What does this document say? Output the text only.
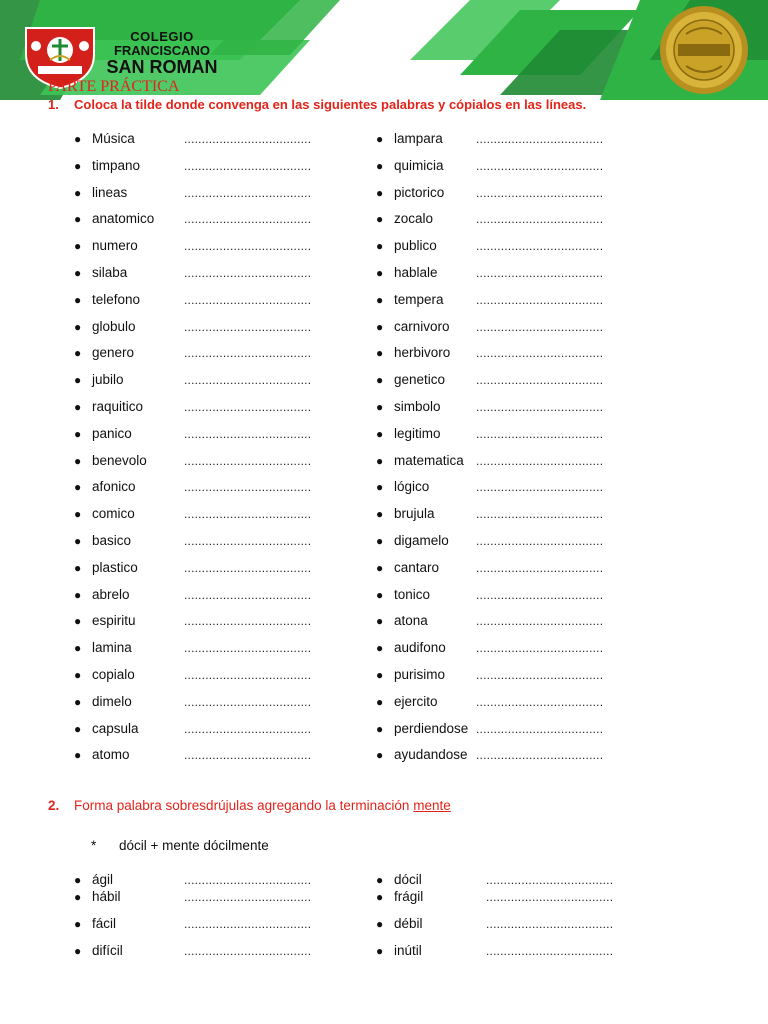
COLEGIO
FRANCISCANO
SAN ROMAN
PARTE PRÁCTICA
1. Coloca la tilde donde convenga en las siguientes palabras y cópialos en las líneas.
● Música	....................................
● timpano	....................................
● lineas	....................................
● anatomico ....................................
● numero	....................................
● silaba	....................................
● telefono	....................................
● globulo	....................................
● genero	....................................
● jubilo	....................................
● raquitico	....................................
● panico	....................................
● benevolo	....................................
● afonico	....................................
● comico	....................................
● basico	....................................
● plastico	....................................
● abrelo	....................................
● espiritu	....................................
● lamina	....................................
● copialo	....................................
● dimelo	....................................
● capsula	....................................
● atomo	....................................
● lampara	....................................
● quimicia	....................................
● pictorico	....................................
● zocalo	....................................
● publico	....................................
● hablale	....................................
● tempera	....................................
● carnivoro ....................................
● herbivoro ....................................
● genetico	....................................
● simbolo	....................................
● legitimo	....................................
● matematica ....................................
● lógico	....................................
● brujula	....................................
● digamelo ....................................
● cantaro	....................................
● tonico	....................................
● atona	....................................
● audifono	....................................
● purisimo	....................................
● ejercito	....................................
● perdiendose ....................................
● ayudandose ....................................
2. Forma palabra sobresdrújulas agregando la terminación mente
* dócil + mente dócilmente
● ágil	....................................
● hábil	....................................
● fácil	....................................
● difícil	....................................
● dócil	....................................
● frágil	....................................
● débil	....................................
● inútil	....................................
